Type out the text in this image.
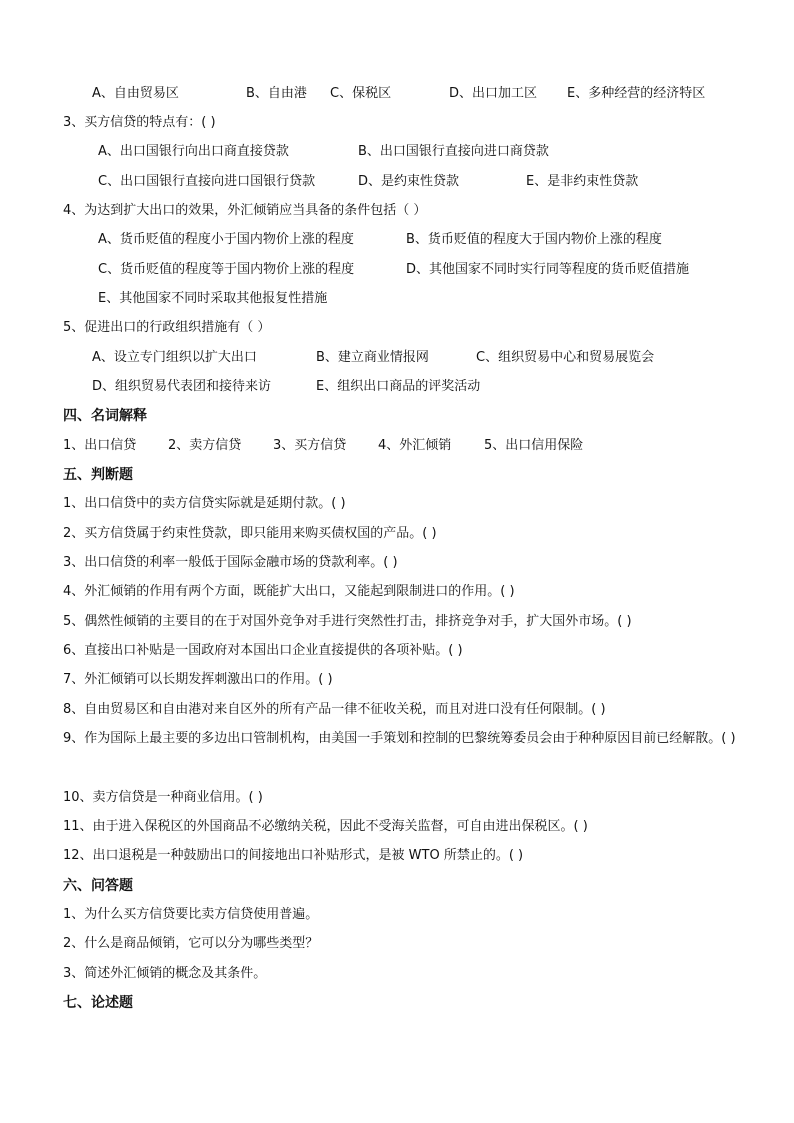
A、自由贸易区	B、自由港 C、保税区	D、出口加工区 E、多种经营的经济特区
3、买方信贷的特点有：( )
A、出口国银行向出口商直接贷款	B、出口国银行直接向进口商贷款
C、出口国银行直接向进口国银行贷款	D、是约束性贷款	E、是非约束性贷款
4、为达到扩大出口的效果，外汇倾销应当具备的条件包括（ ）
A、货币贬值的程度小于国内物价上涨的程度	B、货币贬值的程度大于国内物价上涨的程度
C、货币贬值的程度等于国内物价上涨的程度	D、其他国家不同时实行同等程度的货币贬值措施
E、其他国家不同时采取其他报复性措施
5、促进出口的行政组织措施有（ ）
A、设立专门组织以扩大出口	B、建立商业情报网	C、组织贸易中心和贸易展览会
D、组织贸易代表团和接待来访	E、组织出口商品的评奖活动
四、名词解释
1、出口信贷 2、卖方信贷 3、买方信贷 4、外汇倾销	5、出口信用保险
五、判断题
1、出口信贷中的卖方信贷实际就是延期付款。( )
2、买方信贷属于约束性贷款，即只能用来购买债权国的产品。( )
3、出口信贷的利率一般低于国际金融市场的贷款利率。( )
4、外汇倾销的作用有两个方面，既能扩大出口，又能起到限制进口的作用。( )
5、偶然性倾销的主要目的在于对国外竞争对手进行突然性打击，排挤竞争对手，扩大国外市场。( )
6、直接出口补贴是一国政府对本国出口企业直接提供的各项补贴。( )
7、外汇倾销可以长期发挥刺激出口的作用。( )
8、自由贸易区和自由港对来自区外的所有产品一律不征收关税，而且对进口没有任何限制。( )
9、作为国际上最主要的多边出口管制机构，由美国一手策划和控制的巴黎统筹委员会由于种种原因目前已经解散。( )
10、卖方信贷是一种商业信用。( )
11、由于进入保税区的外国商品不必缴纳关税，因此不受海关监督，可自由进出保税区。( )
12、出口退税是一种鼓励出口的间接地出口补贴形式，是被 WTO 所禁止的。( )
六、问答题
1、为什么买方信贷要比卖方信贷使用普遍。
2、什么是商品倾销，它可以分为哪些类型？
3、简述外汇倾销的概念及其条件。
七、论述题
